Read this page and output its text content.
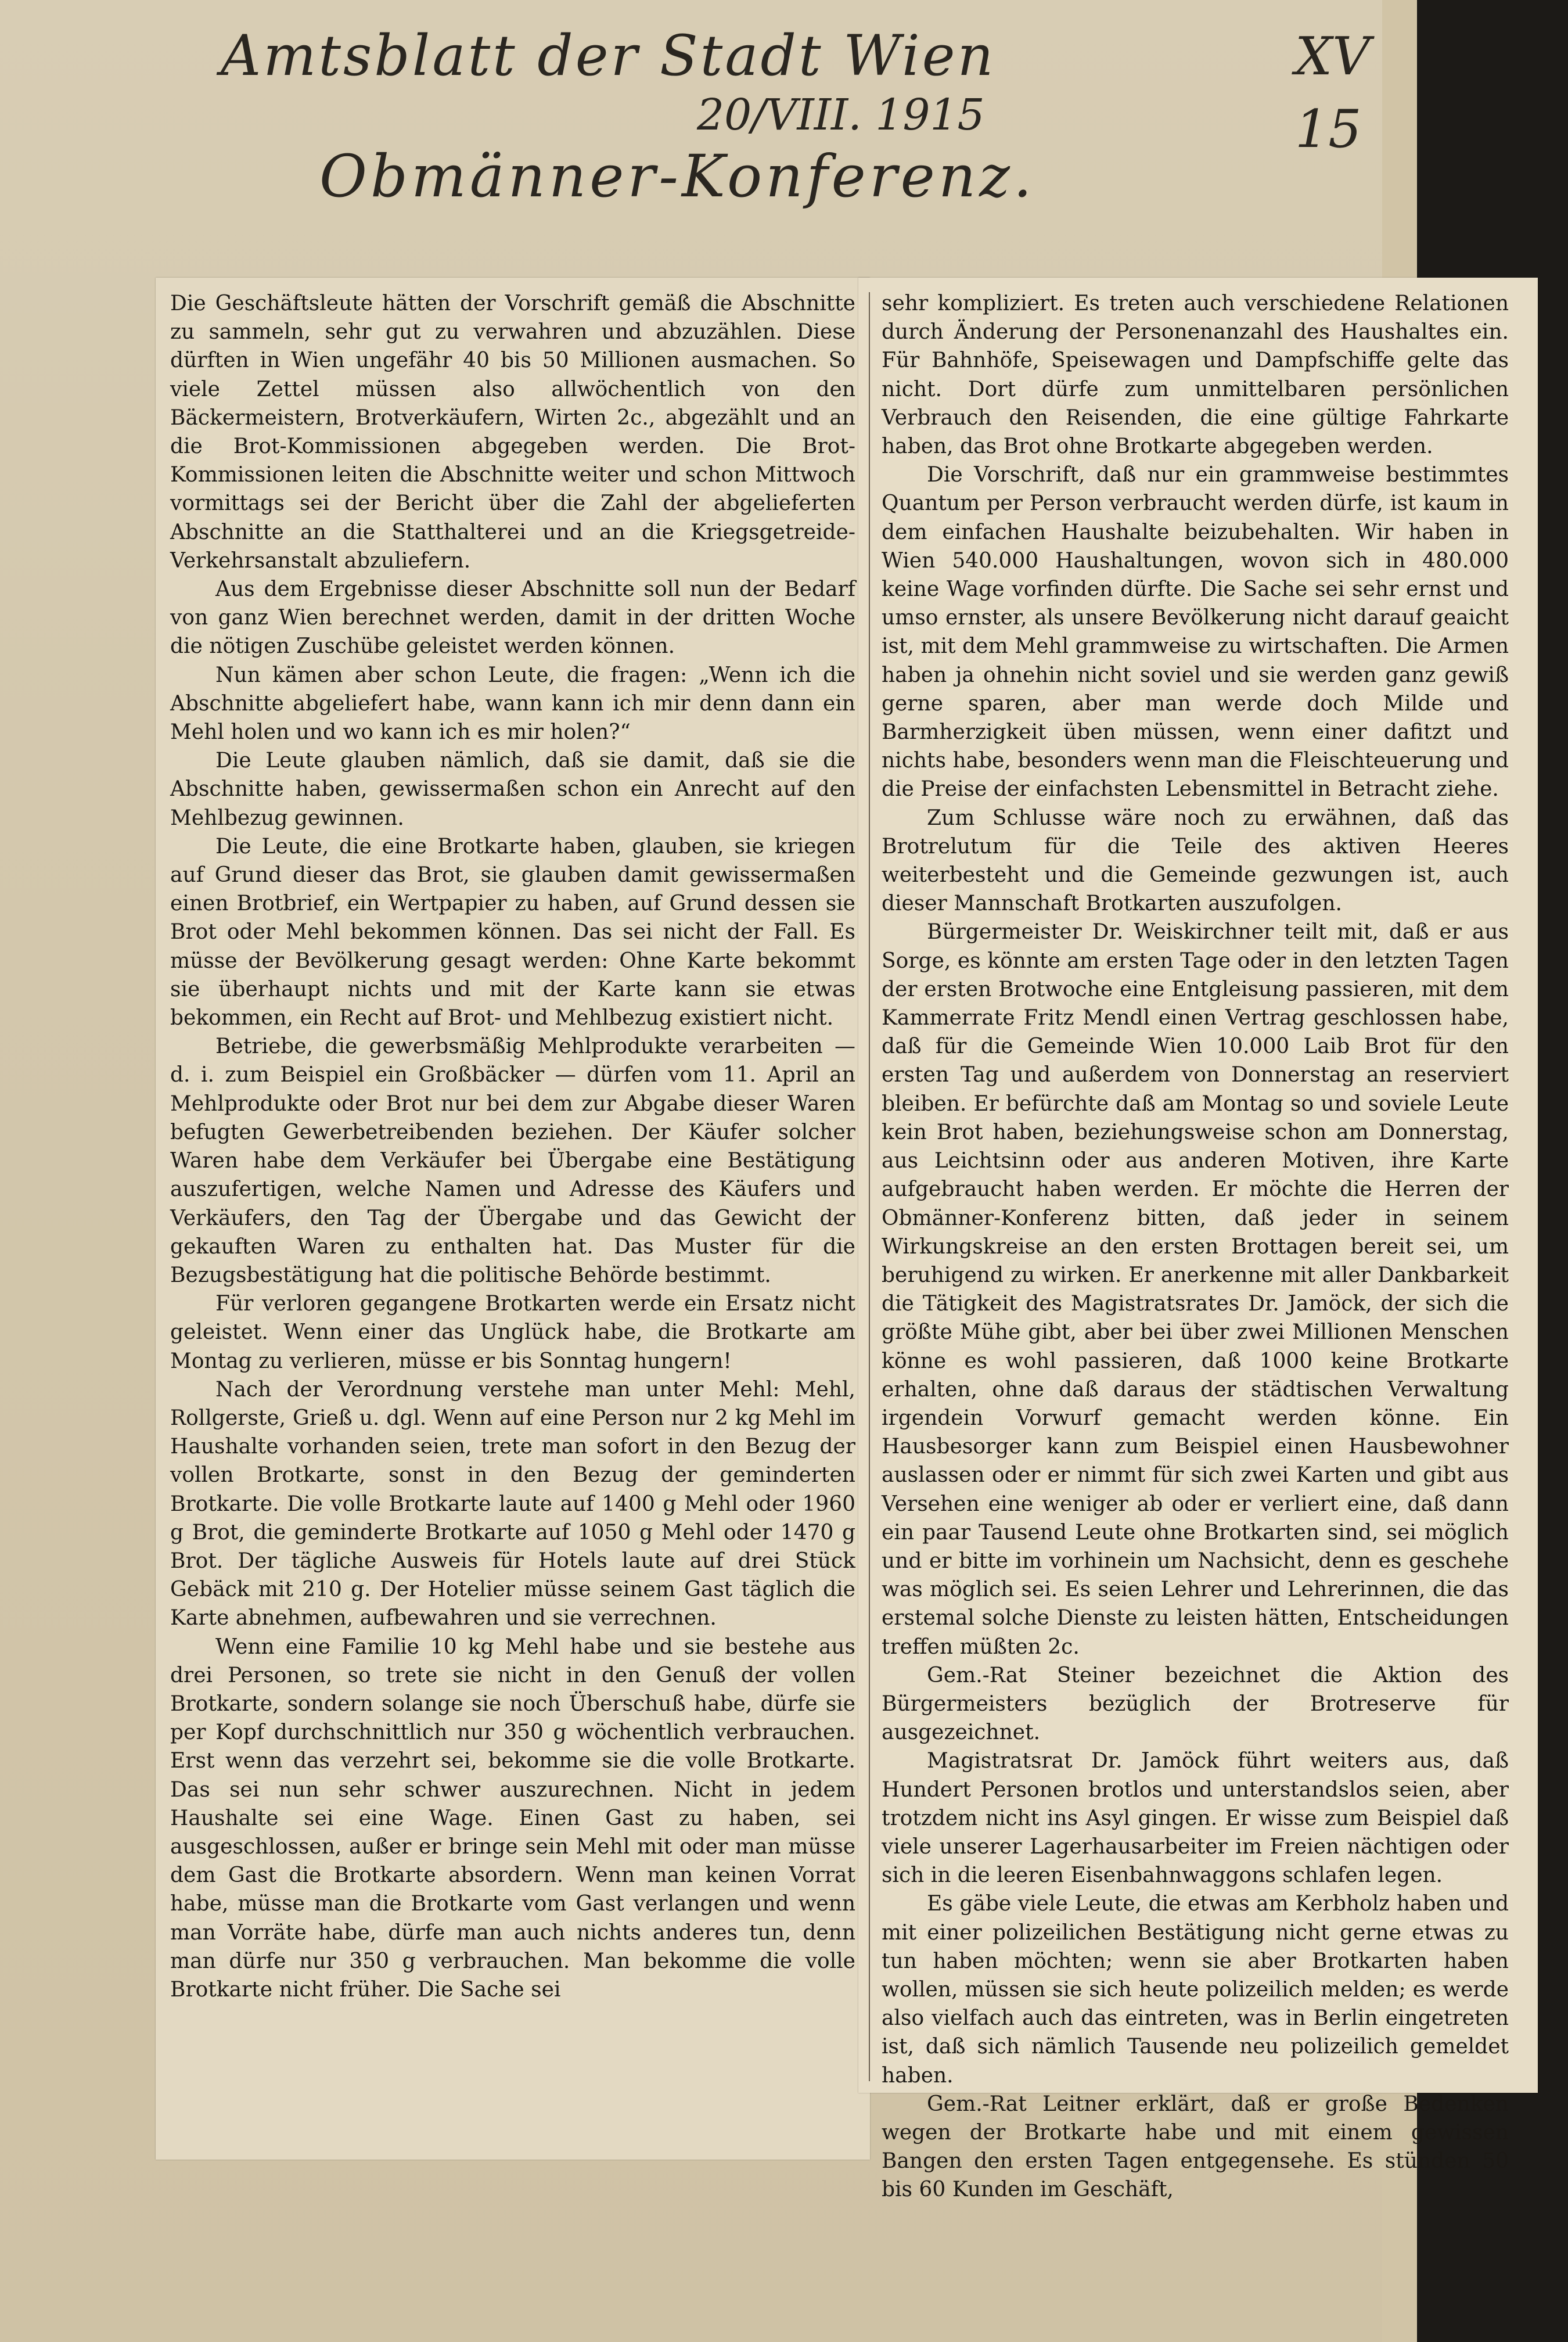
Amtsblatt der Stadt Wien
20/VIII. 1915
Obmänner-Konferenz.
XV
15

Die Geschäftsleute hätten der Vorschrift gemäß die Abschnitte zu sammeln, sehr gut zu verwahren und abzuzählen. Diese dürften in Wien ungefähr 40 bis 50 Millionen ausmachen. So viele Zettel müssen also allwöchentlich von den Bäckermeistern, Brotverkäufern, Wirten 2c., abgezählt und an die Brot-Kommissionen abgegeben werden. Die Brot-Kommissionen leiten die Abschnitte weiter und schon Mittwoch vormittags sei der Bericht über die Zahl der abgelieferten Abschnitte an die Statthalterei und an die Kriegsgetreide-Verkehrsanstalt abzuliefern.

Aus dem Ergebnisse dieser Abschnitte soll nun der Bedarf von ganz Wien berechnet werden, damit in der dritten Woche die nötigen Zuschübe geleistet werden können.

Nun kämen aber schon Leute, die fragen: „Wenn ich die Abschnitte abgeliefert habe, wann kann ich mir denn dann ein Mehl holen und wo kann ich es mir holen?“

Die Leute glauben nämlich, daß sie damit, daß sie die Abschnitte haben, gewissermaßen schon ein Anrecht auf den Mehlbezug gewinnen.

Die Leute, die eine Brotkarte haben, glauben, sie kriegen auf Grund dieser das Brot, sie glauben damit gewissermaßen einen Brotbrief, ein Wertpapier zu haben, auf Grund dessen sie Brot oder Mehl bekommen können. Das sei nicht der Fall. Es müsse der Bevölkerung gesagt werden: Ohne Karte bekommt sie überhaupt nichts und mit der Karte kann sie etwas bekommen, ein Recht auf Brot- und Mehlbezug existiert nicht.

Betriebe, die gewerbsmäßig Mehlprodukte verarbeiten — d. i. zum Beispiel ein Großbäcker — dürfen vom 11. April an Mehlprodukte oder Brot nur bei dem zur Abgabe dieser Waren befugten Gewerbetreibenden beziehen. Der Käufer solcher Waren habe dem Verkäufer bei Übergabe eine Bestätigung auszufertigen, welche Namen und Adresse des Käufers und Verkäufers, den Tag der Übergabe und das Gewicht der gekauften Waren zu enthalten hat. Das Muster für die Bezugsbestätigung hat die politische Behörde bestimmt.

Für verloren gegangene Brotkarten werde ein Ersatz nicht geleistet. Wenn einer das Unglück habe, die Brotkarte am Montag zu verlieren, müsse er bis Sonntag hungern!

Nach der Verordnung verstehe man unter Mehl: Mehl, Rollgerste, Grieß u. dgl. Wenn auf eine Person nur 2 kg Mehl im Haushalte vorhanden seien, trete man sofort in den Bezug der vollen Brotkarte, sonst in den Bezug der geminderten Brotkarte. Die volle Brotkarte laute auf 1400 g Mehl oder 1960 g Brot, die geminderte Brotkarte auf 1050 g Mehl oder 1470 g Brot. Der tägliche Ausweis für Hotels laute auf drei Stück Gebäck mit 210 g. Der Hotelier müsse seinem Gast täglich die Karte abnehmen, aufbewahren und sie verrechnen.

Wenn eine Familie 10 kg Mehl habe und sie bestehe aus drei Personen, so trete sie nicht in den Genuß der vollen Brotkarte, sondern solange sie noch Überschuß habe, dürfe sie per Kopf durchschnittlich nur 350 g wöchentlich verbrauchen. Erst wenn das verzehrt sei, bekomme sie die volle Brotkarte. Das sei nun sehr schwer auszurechnen. Nicht in jedem Haushalte sei eine Wage. Einen Gast zu haben, sei ausgeschlossen, außer er bringe sein Mehl mit oder man müsse dem Gast die Brotkarte absordern. Wenn man keinen Vorrat habe, müsse man die Brotkarte vom Gast verlangen und wenn man Vorräte habe, dürfe man auch nichts anderes tun, denn man dürfe nur 350 g verbrauchen. Man bekomme die volle Brotkarte nicht früher. Die Sache sei

sehr kompliziert. Es treten auch verschiedene Relationen durch Änderung der Personenanzahl des Haushaltes ein. Für Bahnhöfe, Speisewagen und Dampfschiffe gelte das nicht. Dort dürfe zum unmittelbaren persönlichen Verbrauch den Reisenden, die eine gültige Fahrkarte haben, das Brot ohne Brotkarte abgegeben werden.

Die Vorschrift, daß nur ein grammweise bestimmtes Quantum per Person verbraucht werden dürfe, ist kaum in dem einfachen Haushalte beizubehalten. Wir haben in Wien 540.000 Haushaltungen, wovon sich in 480.000 keine Wage vorfinden dürfte. Die Sache sei sehr ernst und umso ernster, als unsere Bevölkerung nicht darauf geaicht ist, mit dem Mehl grammweise zu wirtschaften. Die Armen haben ja ohnehin nicht soviel und sie werden ganz gewiß gerne sparen, aber man werde doch Milde und Barmherzigkeit üben müssen, wenn einer dafitzt und nichts habe, besonders wenn man die Fleischteuerung und die Preise der einfachsten Lebensmittel in Betracht ziehe.

Zum Schlusse wäre noch zu erwähnen, daß das Brotrelutum für die Teile des aktiven Heeres weiterbesteht und die Gemeinde gezwungen ist, auch dieser Mannschaft Brotkarten auszufolgen.

Bürgermeister Dr. Weiskirchner teilt mit, daß er aus Sorge, es könnte am ersten Tage oder in den letzten Tagen der ersten Brotwoche eine Entgleisung passieren, mit dem Kammerrate Fritz Mendl einen Vertrag geschlossen habe, daß für die Gemeinde Wien 10.000 Laib Brot für den ersten Tag und außerdem von Donnerstag an reserviert bleiben. Er befürchte daß am Montag so und soviele Leute kein Brot haben, beziehungsweise schon am Donnerstag, aus Leichtsinn oder aus anderen Motiven, ihre Karte aufgebraucht haben werden. Er möchte die Herren der Obmänner-Konferenz bitten, daß jeder in seinem Wirkungskreise an den ersten Brottagen bereit sei, um beruhigend zu wirken. Er anerkenne mit aller Dankbarkeit die Tätigkeit des Magistratsrates Dr. Jamöck, der sich die größte Mühe gibt, aber bei über zwei Millionen Menschen könne es wohl passieren, daß 1000 keine Brotkarte erhalten, ohne daß daraus der städtischen Verwaltung irgendein Vorwurf gemacht werden könne. Ein Hausbesorger kann zum Beispiel einen Hausbewohner auslassen oder er nimmt für sich zwei Karten und gibt aus Versehen eine weniger ab oder er verliert eine, daß dann ein paar Tausend Leute ohne Brotkarten sind, sei möglich und er bitte im vorhinein um Nachsicht, denn es geschehe was möglich sei. Es seien Lehrer und Lehrerinnen, die das erstemal solche Dienste zu leisten hätten, Entscheidungen treffen müßten 2c.

Gem.-Rat Steiner bezeichnet die Aktion des Bürgermeisters bezüglich der Brotreserve für ausgezeichnet.

Magistratsrat Dr. Jamöck führt weiters aus, daß Hundert Personen brotlos und unterstandslos seien, aber trotzdem nicht ins Asyl gingen. Er wisse zum Beispiel daß viele unserer Lagerhausarbeiter im Freien nächtigen oder sich in die leeren Eisenbahnwaggons schlafen legen.

Es gäbe viele Leute, die etwas am Kerbholz haben und mit einer polizeilichen Bestätigung nicht gerne etwas zu tun haben möchten; wenn sie aber Brotkarten haben wollen, müssen sie sich heute polizeilich melden; es werde also vielfach auch das eintreten, was in Berlin eingetreten ist, daß sich nämlich Tausende neu polizeilich gemeldet haben.

Gem.-Rat Leitner erklärt, daß er große Bedenken wegen der Brotkarte habe und mit einem gewissen Bangen den ersten Tagen entgegensehe. Es stünden 50 bis 60 Kunden im Geschäft,
